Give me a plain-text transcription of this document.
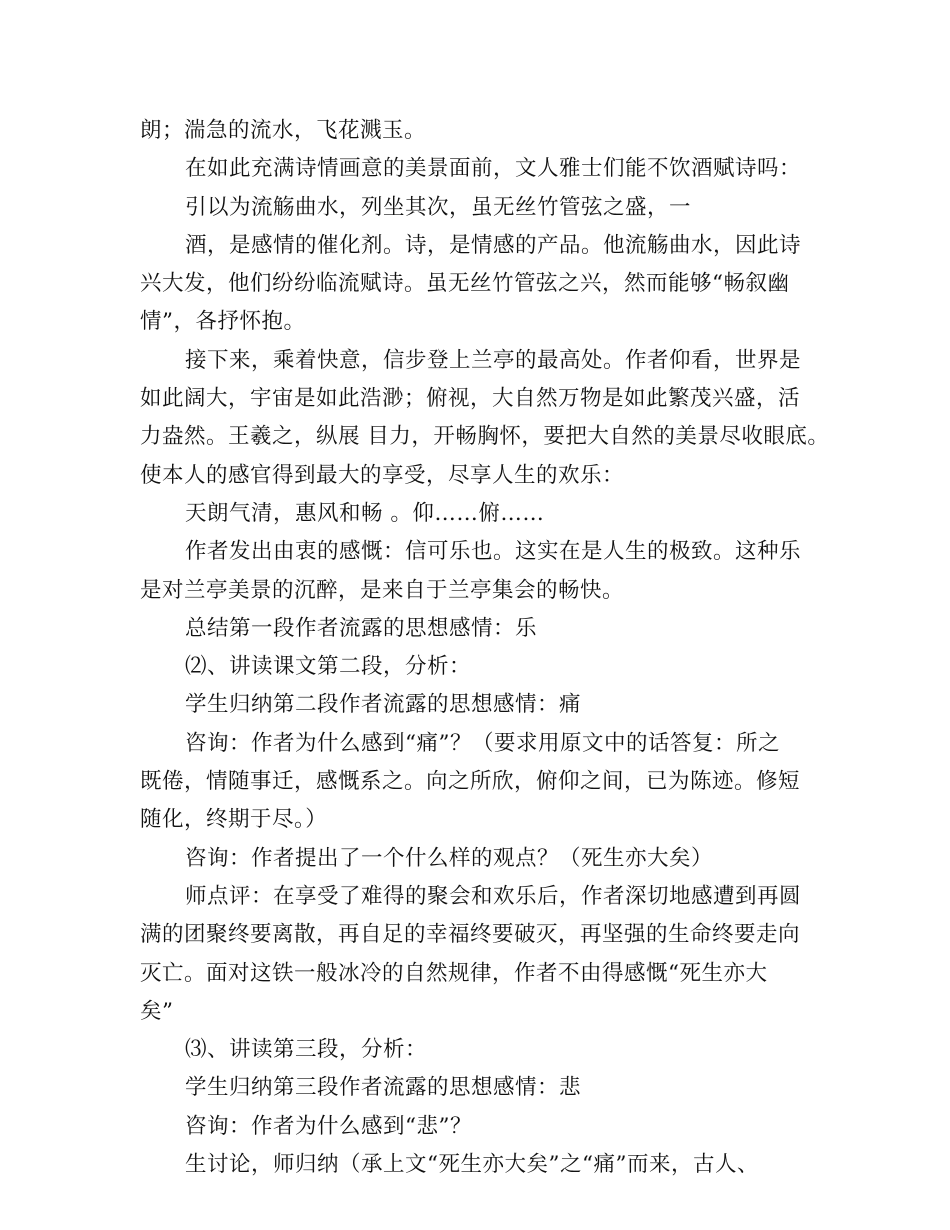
朗；湍急的流水，飞花溅玉。
在如此充满诗情画意的美景面前，文人雅士们能不饮酒赋诗吗：
引以为流觞曲水，列坐其次，虽无丝竹管弦之盛，一
酒，是感情的催化剂。诗，是情感的产品。他流觞曲水，因此诗
兴大发，他们纷纷临流赋诗。虽无丝竹管弦之兴，然而能够“畅叙幽
情”，各抒怀抱。
接下来，乘着快意，信步登上兰亭的最高处。作者仰看，世界是
如此阔大，宇宙是如此浩渺；俯视，大自然万物是如此繁茂兴盛，活
力盎然。王羲之，纵展 目力，开畅胸怀，要把大自然的美景尽收眼底。
使本人的感官得到最大的享受，尽享人生的欢乐：
天朗气清，惠风和畅 。仰……俯……
作者发出由衷的感慨：信可乐也。这实在是人生的极致。这种乐
是对兰亭美景的沉醉，是来自于兰亭集会的畅快。
总结第一段作者流露的思想感情：乐
⑵、讲读课文第二段，分析：
学生归纳第二段作者流露的思想感情：痛
咨询：作者为什么感到“痛”？（要求用原文中的话答复：所之
既倦，情随事迁，感慨系之。向之所欣，俯仰之间，已为陈迹。修短
随化，终期于尽。）
咨询：作者提出了一个什么样的观点？（死生亦大矣）
师点评：在享受了难得的聚会和欢乐后，作者深切地感遭到再圆
满的团聚终要离散，再自足的幸福终要破灭，再坚强的生命终要走向
灭亡。面对这铁一般冰冷的自然规律，作者不由得感慨“死生亦大
矣”
⑶、讲读第三段，分析：
学生归纳第三段作者流露的思想感情：悲
咨询：作者为什么感到“悲”？
生讨论，师归纳（承上文“死生亦大矣”之“痛”而来，古人、
